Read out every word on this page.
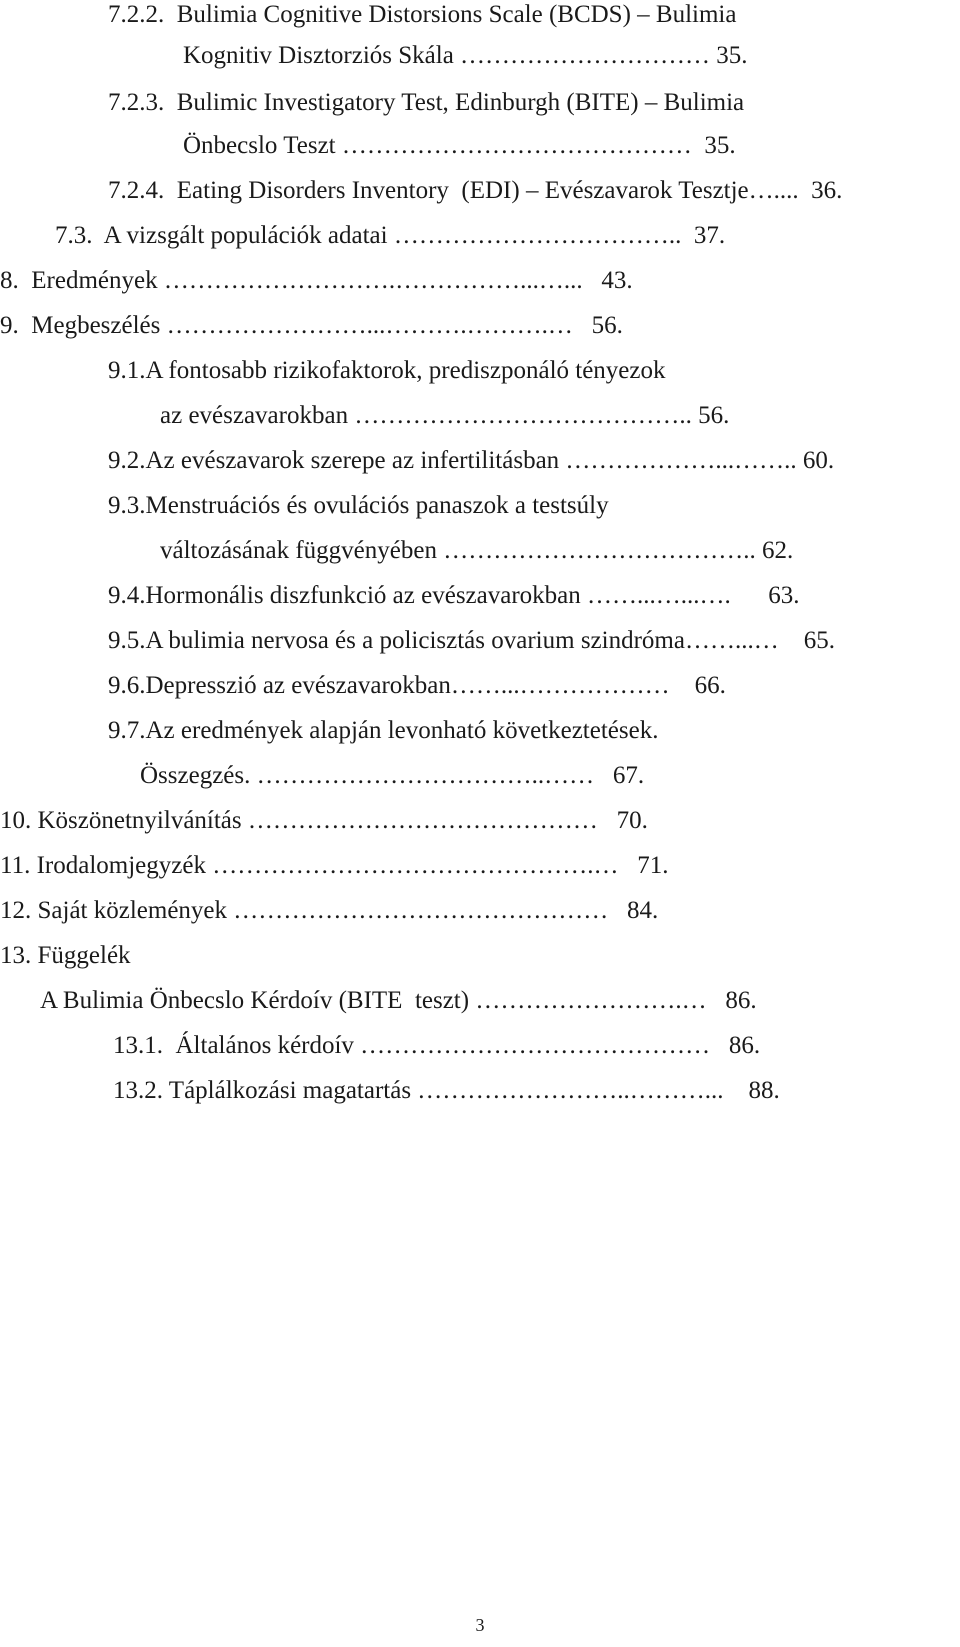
7.2.2.  Bulimia Cognitive Distorsions Scale (BCDS) – Bulimia
Kognitiv Disztorziós Skála ………………………… 35.
7.2.3.  Bulimic Investigatory Test, Edinburgh (BITE) – Bulimia
Önbecslo Teszt ……………………………………  35.
7.2.4.  Eating Disorders Inventory  (EDI) – Evészavarok Tesztje…....  36.
7.3.  A vizsgált populációk adatai ……………………………..  37.
8.  Eredmények ……………………….……………...…...   43.
9.  Megbeszélés ……………………...……….……….…   56.
9.1.A fontosabb rizikofaktorok, prediszponáló tényezok
az evészavarokban ………………………………….. 56.
9.2.Az evészavarok szerepe az infertilitásban ………………...…….. 60.
9.3.Menstruációs és ovulációs panaszok a testsúly
változásának függvényében ……………………………….. 62.
9.4.Hormonális diszfunkció az evészavarokban ……...…...….      63.
9.5.A bulimia nervosa és a policisztás ovarium szindróma……...…    65.
9.6.Depresszió az evészavarokban……...………………    66.
9.7.Az eredmények alapján levonható következtetések.
Összegzés. ……………………………..……   67.
10. Köszönetnyilvánítás ……………………………………   70.
11. Irodalomjegyzék ……………………………………….…   71.
12. Saját közlemények ………………………………………   84.
13. Függelék
A Bulimia Önbecslo Kérdoív (BITE  teszt) …………………….…   86.
13.1.  Általános kérdoív ……………………………………   86.
13.2. Táplálkozási magatartás ……………………..………...    88.
3
